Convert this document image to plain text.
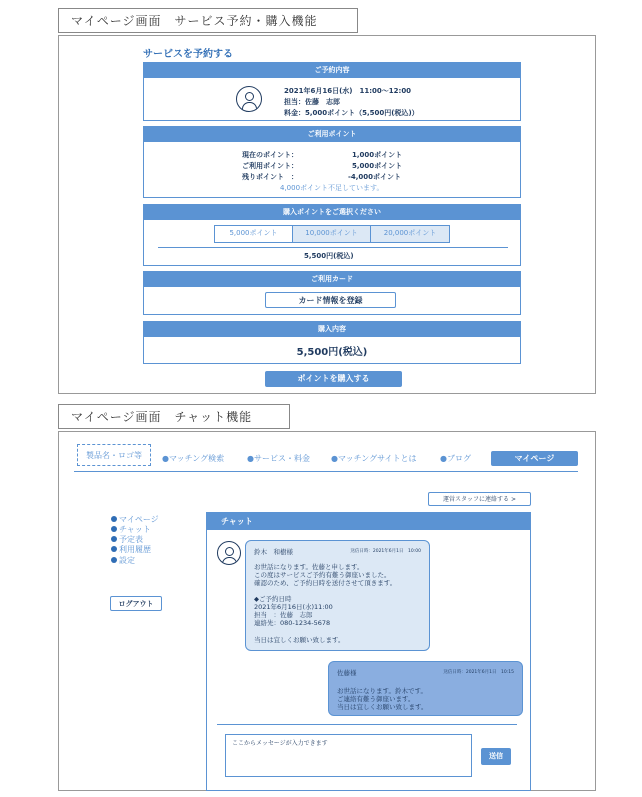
マイページ画面　サービス予約・購入機能
サービスを予約する
ご予約内容
2021年6月16日(水)　11:00～12:00
担当：佐藤　志郎
料金：5,000ポイント（5,500円(税込)）
ご利用ポイント
現在のポイント：	1,000ポイント
ご利用ポイント：	5,000ポイント
残りポイント　：	-4,000ポイント
4,000ポイント不足しています。
購入ポイントをご選択ください
5,000ポイント	10,000ポイント	20,000ポイント
5,500円(税込)
ご利用カード
カード情報を登録
購入内容
5,500円(税込)
ポイントを購入する
マイページ画面　チャット機能
製品名・ロゴ等	●マッチング検索	●サービス・料金	●マッチングサイトとは	●ブログ	マイページ
運営スタッフに連絡する >
マイページ
チャット
予定表
利用履歴
設定
ログアウト
チャット
鈴木　和樹様	送信日時：2021年6月1日　10:00
お世話になります。佐藤と申します。
この度はサービスご予約有難う御座いました。
確認のため、ご予約日時を送付させて頂きます。
◆ご予約日時
2021年6月16日(水)11:00
担当　：佐藤　志郎
連絡先：080-1234-5678
当日は宜しくお願い致します。
佐藤様	送信日時：2021年6月1日　10:15
お世話になります。鈴木です。
ご連絡有難う御座います。
当日は宜しくお願い致します。
ここからメッセージが入力できます
送信
